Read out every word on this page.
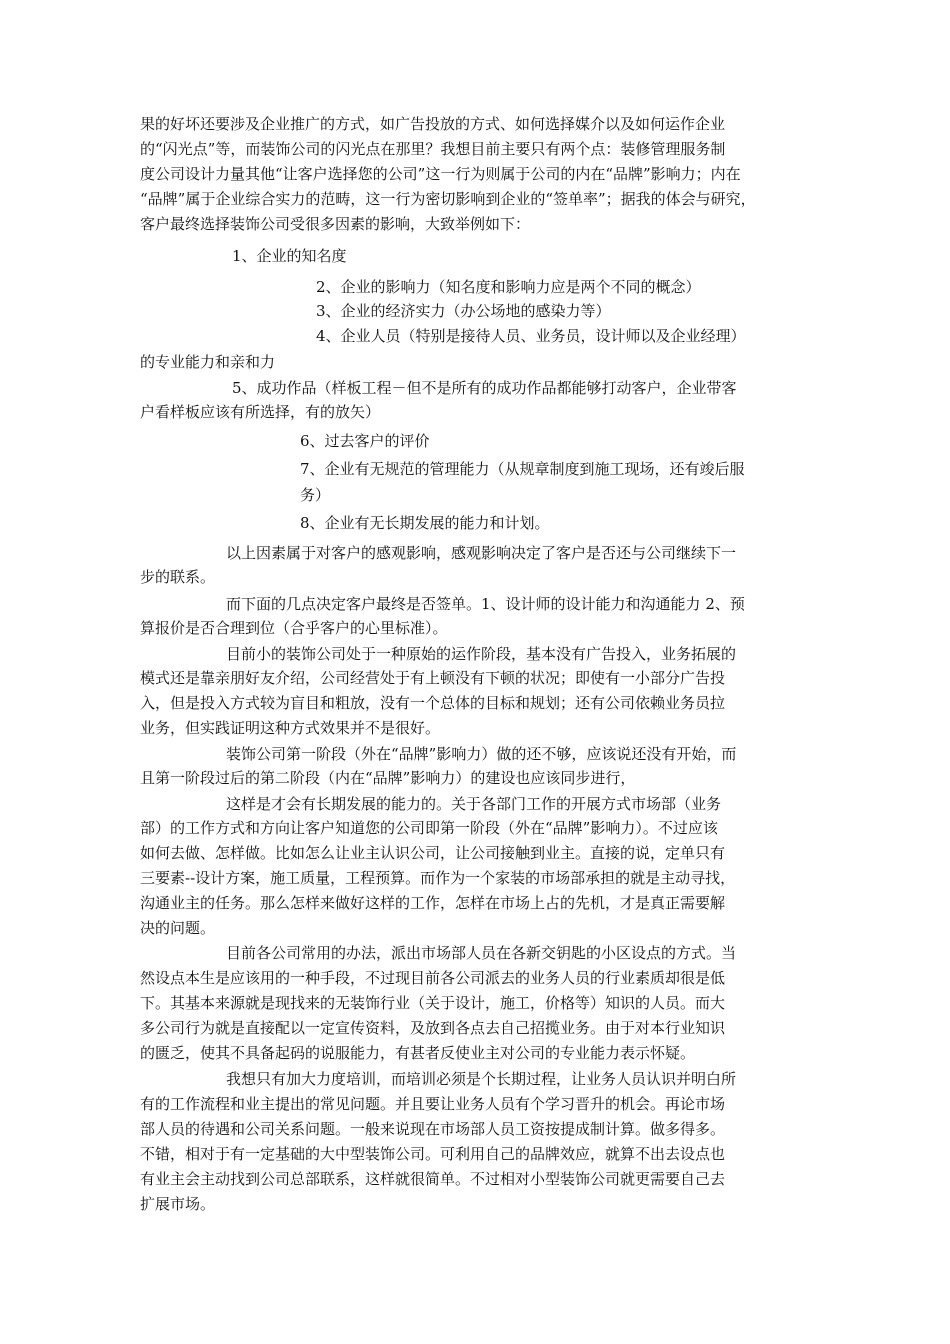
果的好坏还要涉及企业推广的方式，如广告投放的方式、如何选择媒介以及如何运作企业
的“闪光点”等，而装饰公司的闪光点在那里？我想目前主要只有两个点：装修管理服务制
度公司设计力量其他“让客户选择您的公司”这一行为则属于公司的内在“品牌”影响力；内在
“品牌”属于企业综合实力的范畴，这一行为密切影响到企业的“签单率”；据我的体会与研究，
客户最终选择装饰公司受很多因素的影响，大致举例如下：
1、企业的知名度
2、企业的影响力（知名度和影响力应是两个不同的概念）
3、企业的经济实力（办公场地的感染力等）
4、企业人员（特别是接待人员、业务员，设计师以及企业经理）
的专业能力和亲和力
5、成功作品（样板工程－但不是所有的成功作品都能够打动客户，企业带客
户看样板应该有所选择，有的放矢）
6、过去客户的评价
7、企业有无规范的管理能力（从规章制度到施工现场，还有竣后服
务）
8、企业有无长期发展的能力和计划。
以上因素属于对客户的感观影响，感观影响决定了客户是否还与公司继续下一
步的联系。
而下面的几点决定客户最终是否签单。1、设计师的设计能力和沟通能力 2、预
算报价是否合理到位（合乎客户的心里标准）。
目前小的装饰公司处于一种原始的运作阶段，基本没有广告投入，业务拓展的
模式还是靠亲朋好友介绍，公司经营处于有上顿没有下顿的状况；即使有一小部分广告投
入，但是投入方式较为盲目和粗放，没有一个总体的目标和规划；还有公司依赖业务员拉
业务，但实践证明这种方式效果并不是很好。
装饰公司第一阶段（外在“品牌”影响力）做的还不够，应该说还没有开始，而
且第一阶段过后的第二阶段（内在“品牌”影响力）的建设也应该同步进行，
这样是才会有长期发展的能力的。关于各部门工作的开展方式市场部（业务
部）的工作方式和方向让客户知道您的公司即第一阶段（外在“品牌”影响力）。不过应该
如何去做、怎样做。比如怎么让业主认识公司，让公司接触到业主。直接的说，定单只有
三要素--设计方案，施工质量，工程预算。而作为一个家装的市场部承担的就是主动寻找，
沟通业主的任务。那么怎样来做好这样的工作，怎样在市场上占的先机，才是真正需要解
决的问题。
目前各公司常用的办法，派出市场部人员在各新交钥匙的小区设点的方式。当
然设点本生是应该用的一种手段，不过现目前各公司派去的业务人员的行业素质却很是低
下。其基本来源就是现找来的无装饰行业（关于设计，施工，价格等）知识的人员。而大
多公司行为就是直接配以一定宣传资料，及放到各点去自己招揽业务。由于对本行业知识
的匮乏，使其不具备起码的说服能力，有甚者反使业主对公司的专业能力表示怀疑。
我想只有加大力度培训，而培训必须是个长期过程，让业务人员认识并明白所
有的工作流程和业主提出的常见问题。并且要让业务人员有个学习晋升的机会。再论市场
部人员的待遇和公司关系问题。一般来说现在市场部人员工资按提成制计算。做多得多。
不错，相对于有一定基础的大中型装饰公司。可利用自己的品牌效应，就算不出去设点也
有业主会主动找到公司总部联系，这样就很简单。不过相对小型装饰公司就更需要自己去
扩展市场。
